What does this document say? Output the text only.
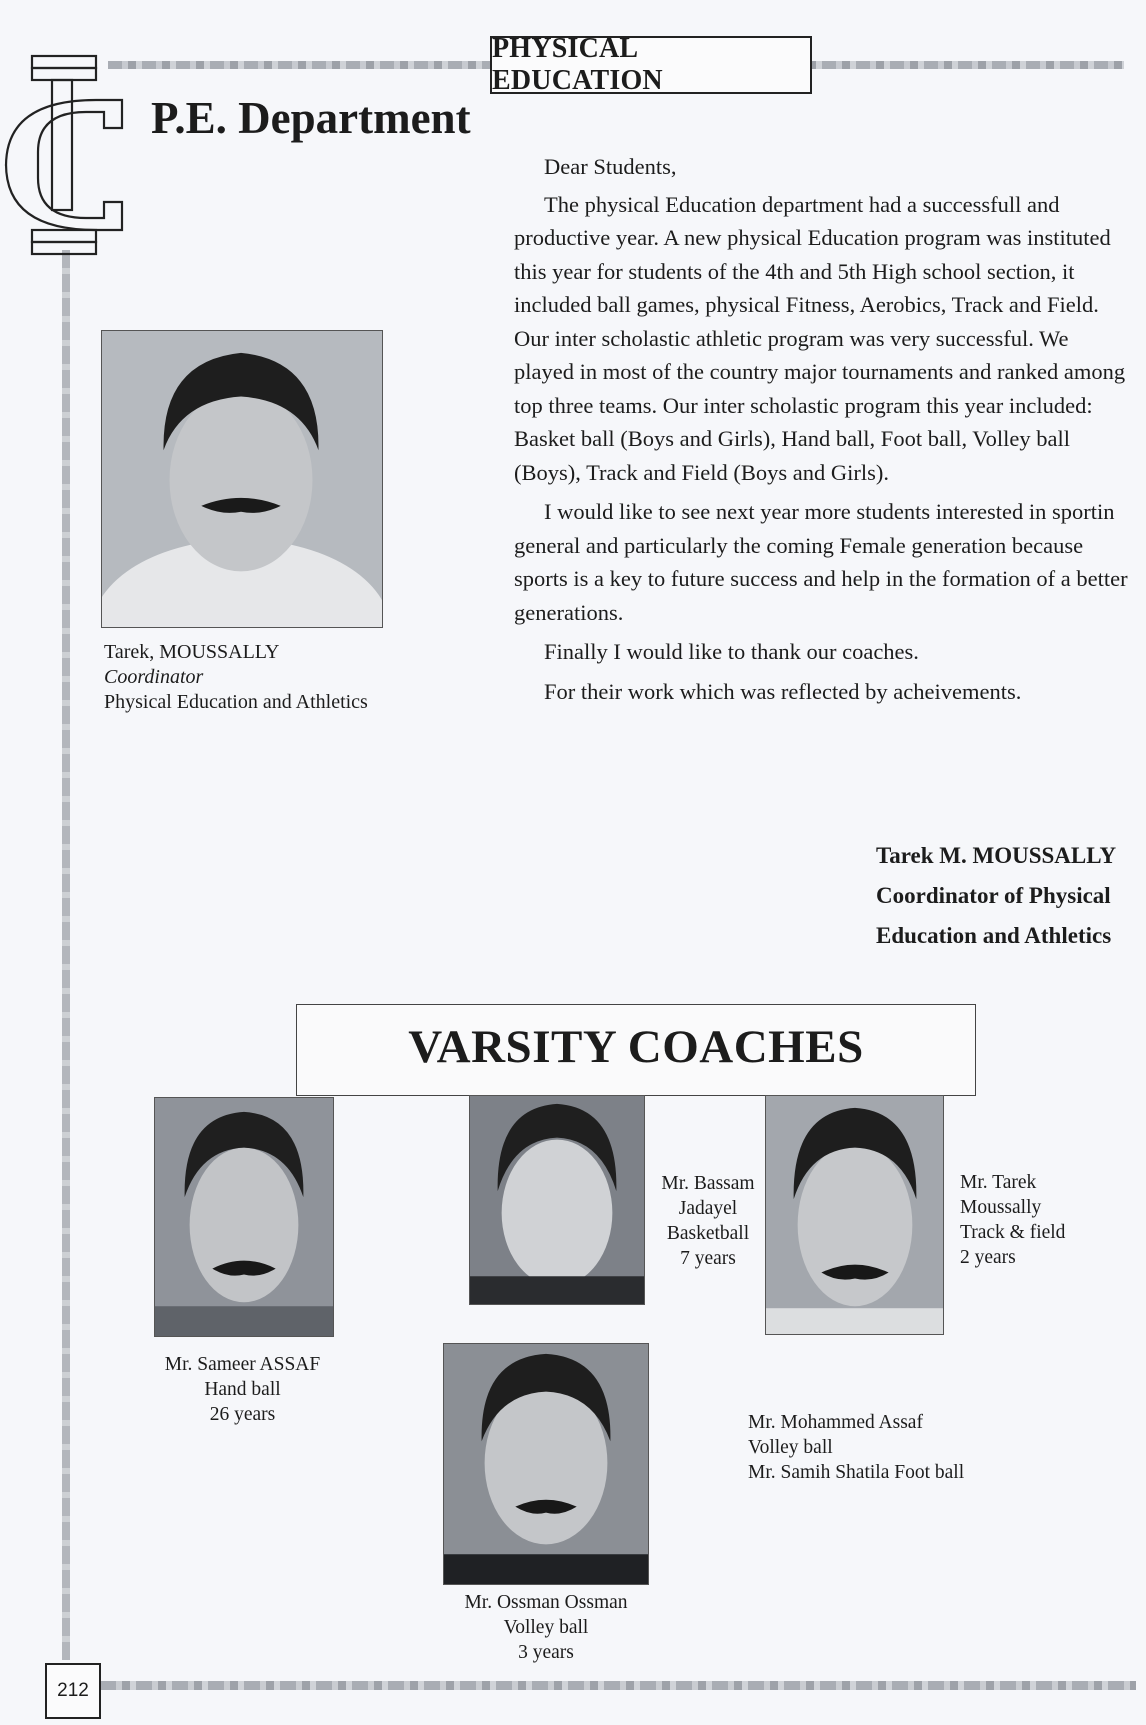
PHYSICAL EDUCATION
P.E. Department
Tarek, MOUSSALLY
Coordinator
Physical Education and Athletics

Dear Students,

The physical Education department had a successfull and productive year. A new physical Education program was instituted this year for students of the 4th and 5th High school section, it included ball games, physical Fitness, Aerobics, Track and Field. Our inter scholastic athletic program was very successful. We played in most of the country major tournaments and ranked among top three teams. Our inter scholastic program this year included: Basket ball (Boys and Girls), Hand ball, Foot ball, Volley ball (Boys), Track and Field (Boys and Girls).

I would like to see next year more students interested in sportin general and particularly the coming Female generation because sports is a key to future success and help in the formation of a better generations.

Finally I would like to thank our coaches.

For their work which was reflected by acheivements.

Tarek M. MOUSSALLY
Coordinator of Physical
Education and Athletics
VARSITY COACHES
Mr. Sameer ASSAF
Hand ball
26 years
Mr. Bassam
Jadayel
Basketball
7 years
Mr. Tarek
Moussally
Track & field
2 years
Mr. Ossman Ossman
Volley ball
3 years
Mr. Mohammed Assaf
Volley ball
Mr. Samih Shatila Foot ball
212
